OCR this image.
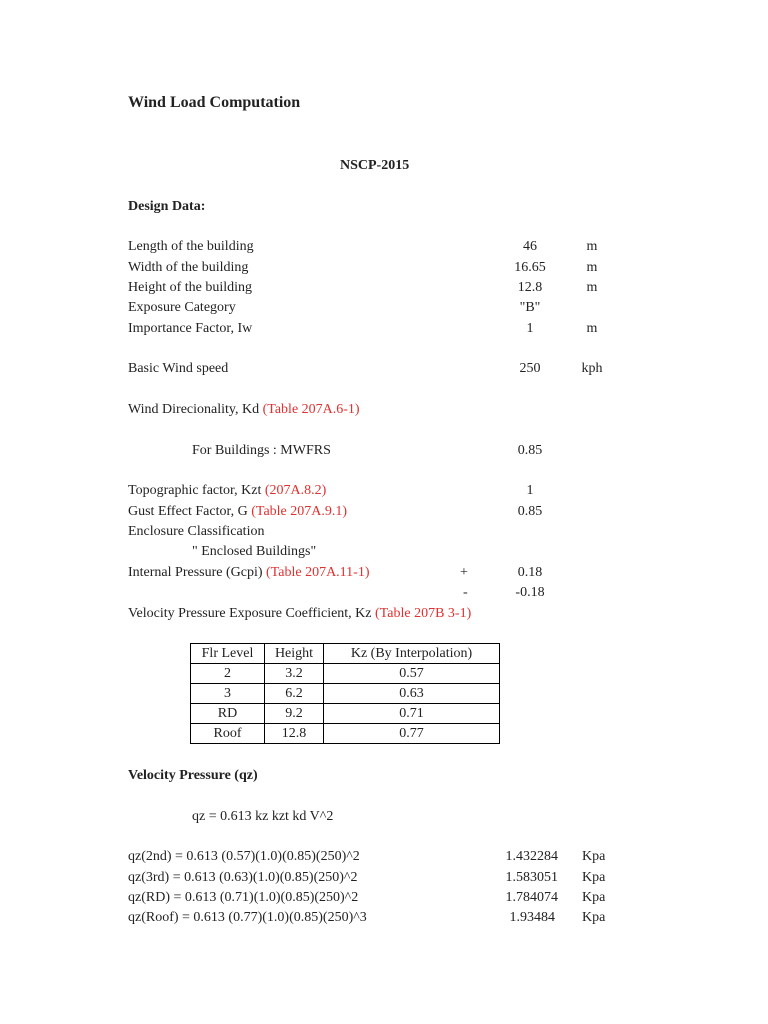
Wind Load Computation
NSCP-2015
Design Data:
Length of the building	46	m
Width of the building	16.65	m
Height of the building	12.8	m
Exposure Category	"B"
Importance Factor, Iw	1	m
Basic Wind speed	250	kph
Wind Direcionality, Kd (Table 207A.6-1)
For Buildings : MWFRS	0.85
Topographic factor, Kzt (207A.8.2)	1
Gust Effect Factor, G (Table 207A.9.1)	0.85
Enclosure Classification
" Enclosed Buildings"
Internal Pressure (Gcpi) (Table 207A.11-1)	+	0.18
-	-0.18
Velocity Pressure Exposure Coefficient, Kz (Table 207B 3-1)
Flr Level	Height	Kz (By Interpolation)
2	3.2	0.57
3	6.2	0.63
RD	9.2	0.71
Roof	12.8	0.77
Velocity Pressure (qz)
qz = 0.613 kz kzt kd V^2
qz(2nd) = 0.613 (0.57)(1.0)(0.85)(250)^2	1.432284 Kpa
qz(3rd) = 0.613 (0.63)(1.0)(0.85)(250)^2	1.583051 Kpa
qz(RD) = 0.613 (0.71)(1.0)(0.85)(250)^2	1.784074 Kpa
qz(Roof) = 0.613 (0.77)(1.0)(0.85)(250)^3	1.93484 Kpa
